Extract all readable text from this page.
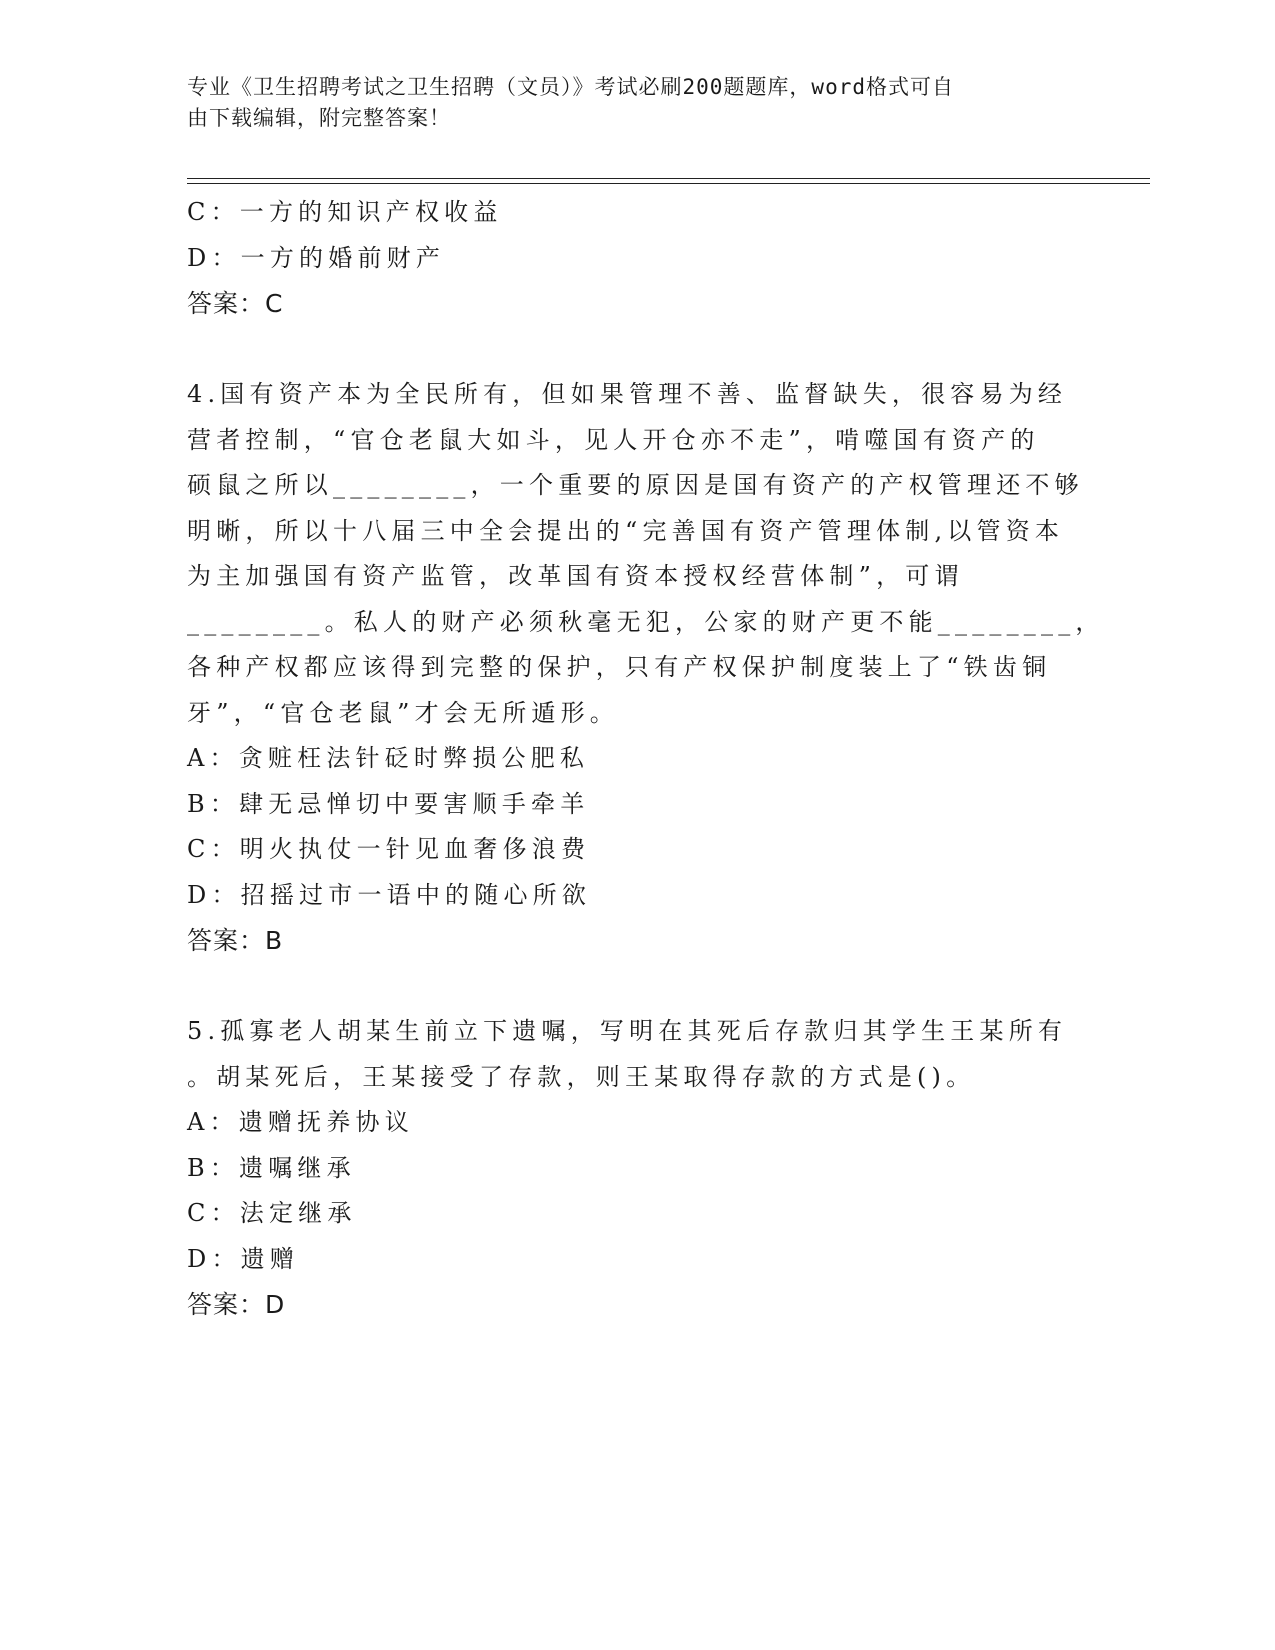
专业《卫生招聘考试之卫生招聘（文员）》考试必刷200题题库，word格式可自
由下载编辑，附完整答案！
C：一方的知识产权收益
D：一方的婚前财产
答案：C
4.国有资产本为全民所有，但如果管理不善、监督缺失，很容易为经
营者控制，“官仓老鼠大如斗，见人开仓亦不走”，啃噬国有资产的
硕鼠之所以________，一个重要的原因是国有资产的产权管理还不够
明晰，所以十八届三中全会提出的“完善国有资产管理体制,以管资本
为主加强国有资产监管，改革国有资本授权经营体制”，可谓
________。私人的财产必须秋毫无犯，公家的财产更不能________，
各种产权都应该得到完整的保护，只有产权保护制度装上了“铁齿铜
牙”，“官仓老鼠”才会无所遁形。
A：贪赃枉法针砭时弊损公肥私
B：肆无忌惮切中要害顺手牵羊
C：明火执仗一针见血奢侈浪费
D：招摇过市一语中的随心所欲
答案：B
5.孤寡老人胡某生前立下遗嘱，写明在其死后存款归其学生王某所有
。胡某死后，王某接受了存款，则王某取得存款的方式是()。
A：遗赠抚养协议
B：遗嘱继承
C：法定继承
D：遗赠
答案：D
